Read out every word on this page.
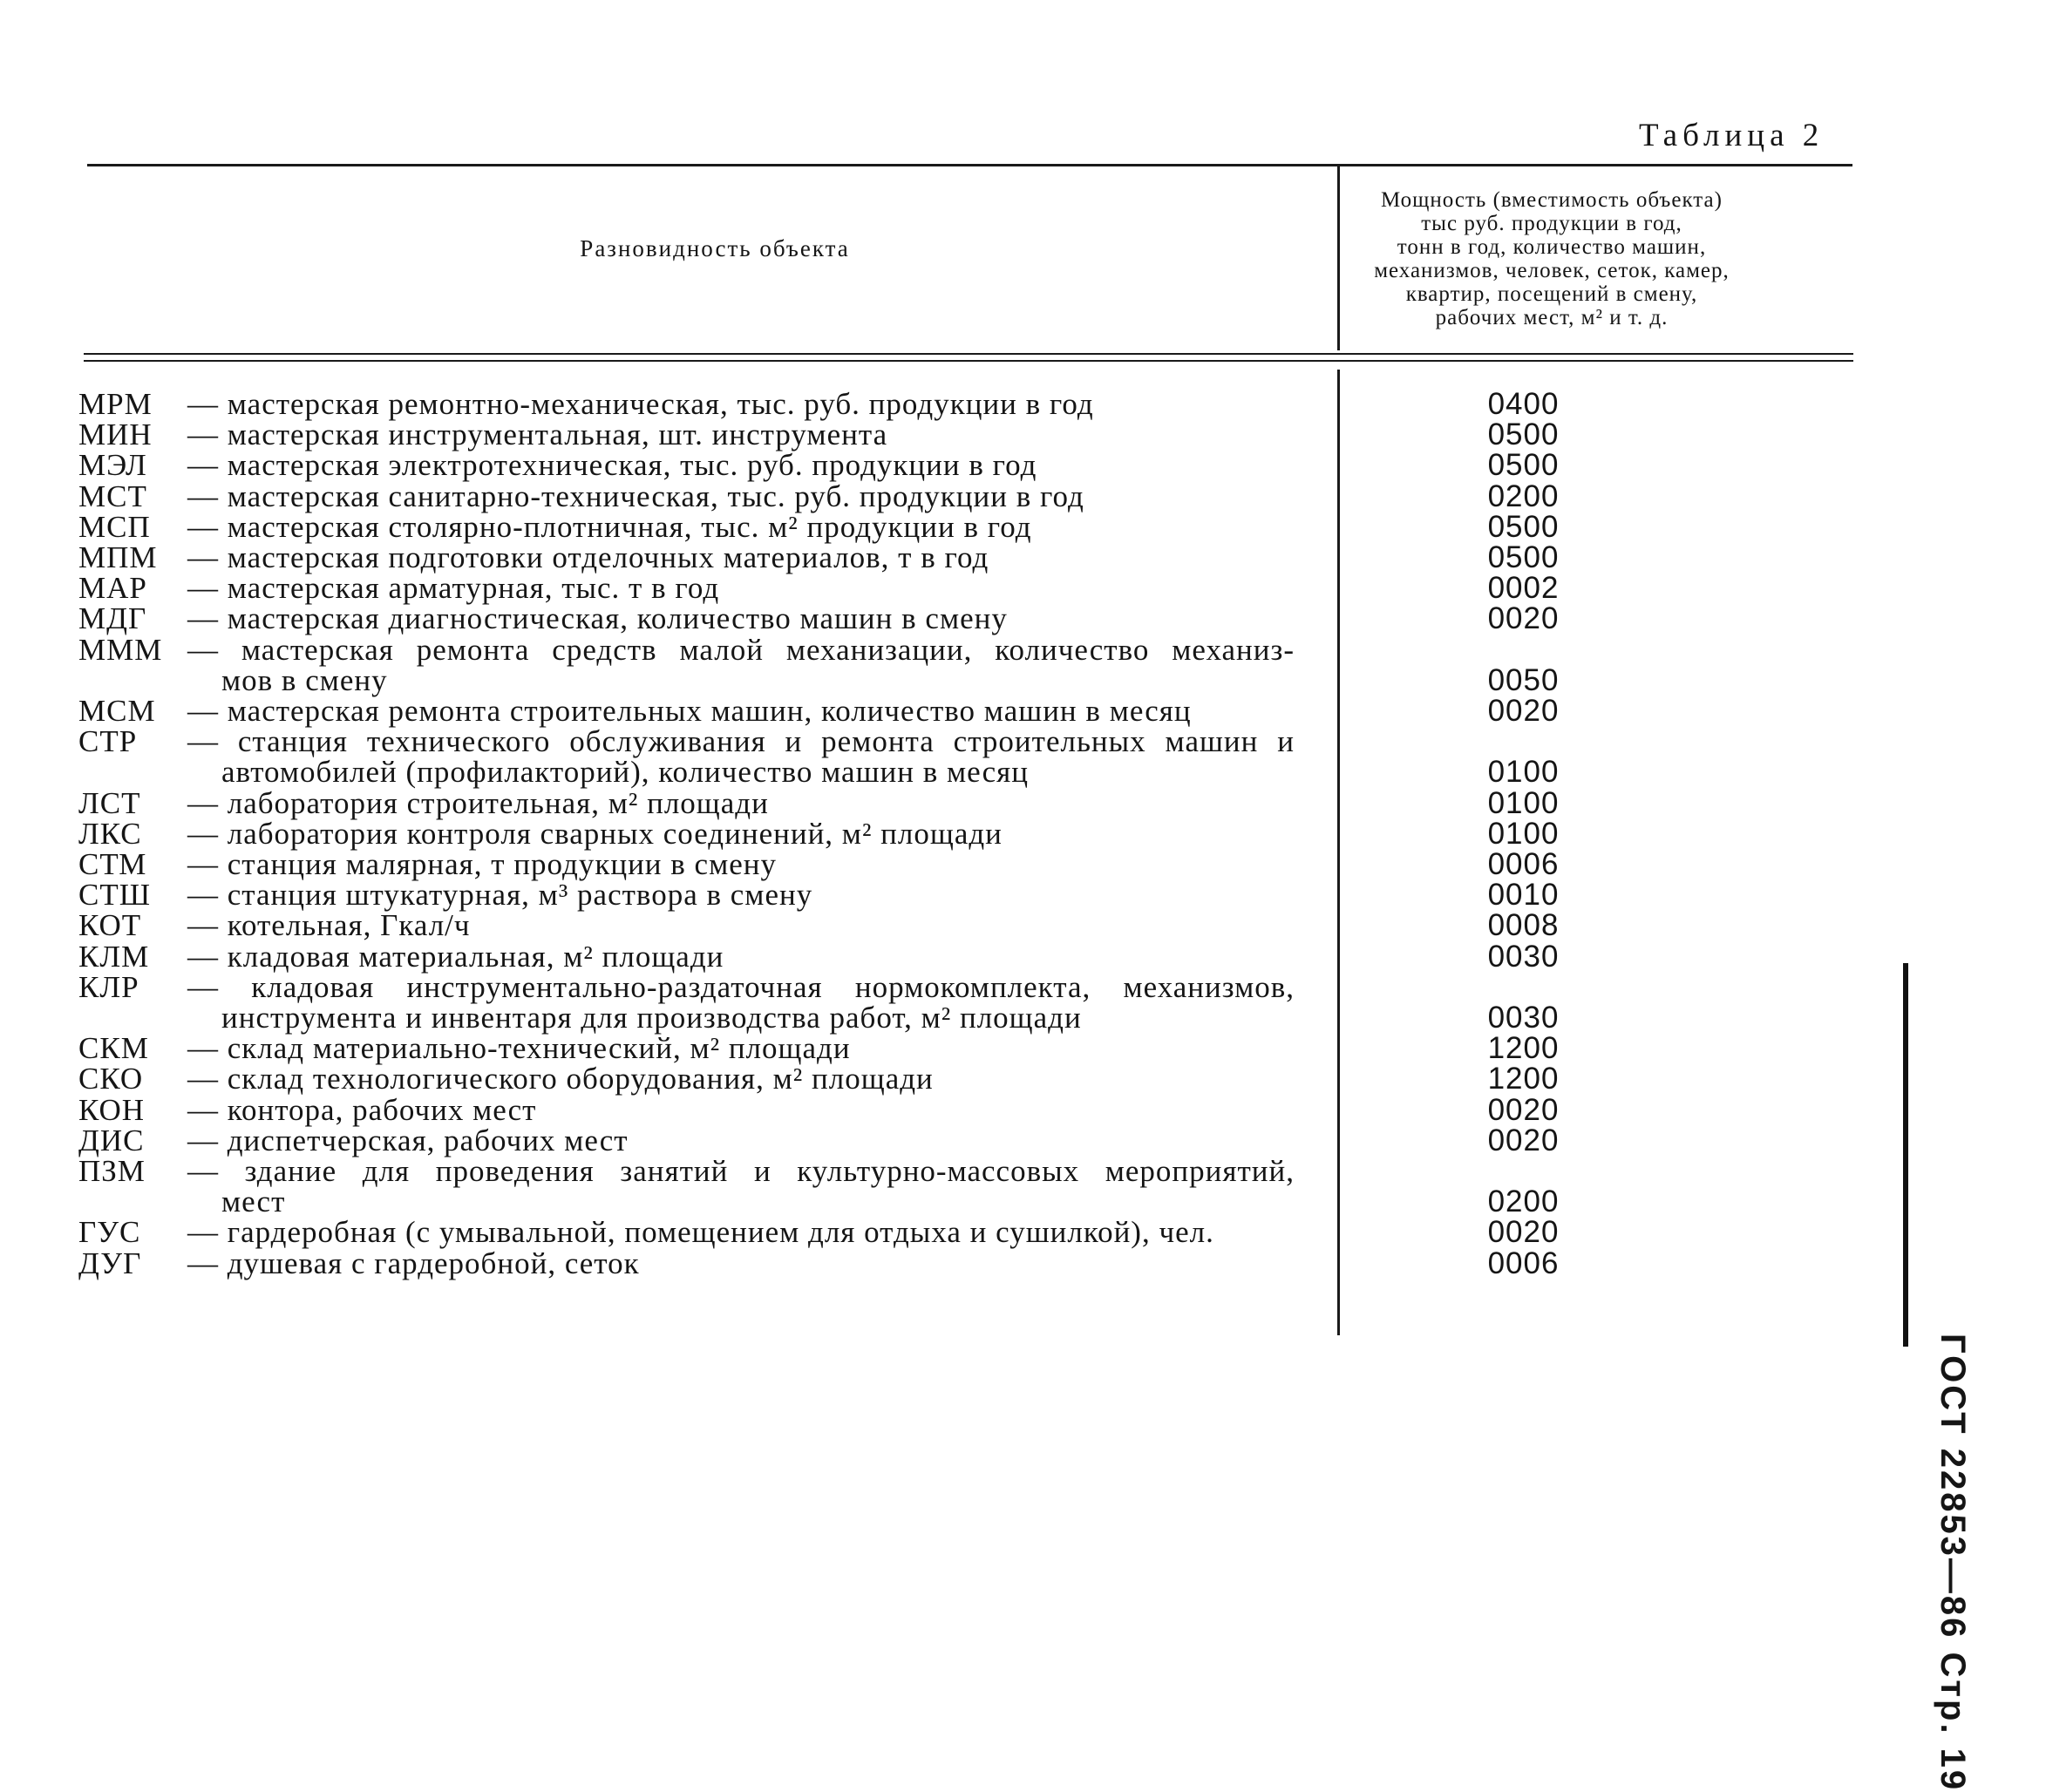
Таблица 2
Разновидность объекта
Мощность (вместимость объекта)
тыс руб. продукции в год,
тонн в год, количество машин,
механизмов, человек, сеток, камер,
квартир, посещений в смену,
рабочих мест, м² и т. д.
МРМ	— мастерская ремонтно-механическая, тыс. руб. продукции в год	0400
МИН	— мастерская инструментальная, шт. инструмента	0500
МЭЛ	— мастерская электротехническая, тыс. руб. продукции в год	0500
МСТ	— мастерская санитарно-техническая, тыс. руб. продукции в год	0200
МСП	— мастерская столярно-плотничная, тыс. м² продукции в год	0500
МПМ — мастерская подготовки отделочных материалов, т в год	0500
МАР	— мастерская арматурная, тыс. т в год	0002
МДГ	— мастерская диагностическая, количество машин в смену	0020
МММ — мастерская ремонта средств малой механизации, количество механиз-
мов в смену	0050
МСМ	— мастерская ремонта строительных машин, количество машин в месяц	0020
СТР	— станция технического обслуживания и ремонта строительных машин и
автомобилей (профилакторий), количество машин в месяц	0100
ЛСТ	— лаборатория строительная, м² площади	0100
ЛКС	— лаборатория контроля сварных соединений, м² площади	0100
СТМ	— станция малярная, т продукции в смену	0006
СТШ	— станция штукатурная, м³ раствора в смену	0010
КОТ	— котельная, Гкал/ч	0008
КЛМ	— кладовая материальная, м² площади	0030
КЛР	— кладовая инструментально-раздаточная нормокомплекта, механизмов,
инструмента и инвентаря для производства работ, м² площади	0030
СКМ	— склад материально-технический, м² площади	1200
СКО	— склад технологического оборудования, м² площади	1200
КОН	— контора, рабочих мест	0020
ДИС	— диспетчерская, рабочих мест	0020
ПЗМ	— здание для проведения занятий и культурно-массовых мероприятий,
мест	0200
ГУС	— гардеробная (с умывальной, помещением для отдыха и сушилкой), чел.	0020
ДУГ	— душевая с гардеробной, сеток	0006
ГОСТ 22853—86 Стр. 19
